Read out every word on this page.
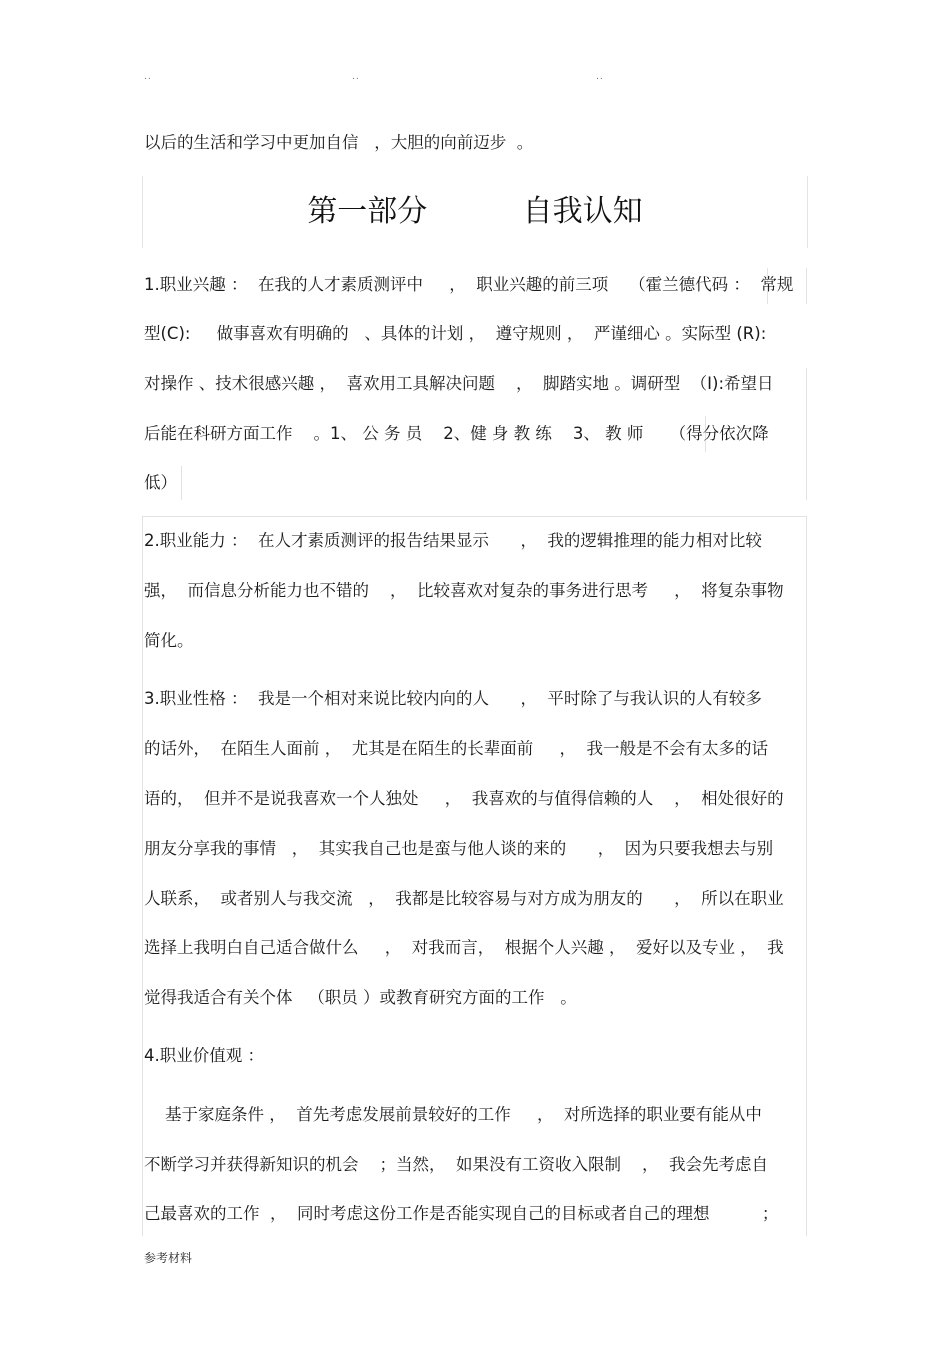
..	..	..
以后的生活和学习中更加自信   ，大胆的向前迈步  。
第一部分          自我认知
1.职业兴趣 ：  在我的人才素质测评中     ，  职业兴趣的前三项    （霍兰德代码 ：  常规
型(C):     做事喜欢有明确的   、具体的计划 ，  遵守规则 ，  严谨细心 。实际型 (R):
对操作 、技术很感兴趣 ，  喜欢用工具解决问题    ，  脚踏实地 。调研型  （I):希望日
后能在科研方面工作    。1、 公 务 员    2、健 身 教 练    3、 教 师     （得分依次降
低）
2.职业能力 ：  在人才素质测评的报告结果显示      ，  我的逻辑推理的能力相对比较
强，  而信息分析能力也不错的    ，  比较喜欢对复杂的事务进行思考     ，  将复杂事物
简化。
3.职业性格 ：  我是一个相对来说比较内向的人      ，  平时除了与我认识的人有较多
的话外，  在陌生人面前 ，  尤其是在陌生的长辈面前     ，  我一般是不会有太多的话
语的，  但并不是说我喜欢一个人独处     ，  我喜欢的与值得信赖的人    ，  相处很好的
朋友分享我的事情   ，  其实我自己也是蛮与他人谈的来的      ，  因为只要我想去与别
人联系，  或者别人与我交流   ，  我都是比较容易与对方成为朋友的      ，  所以在职业
选择上我明白自己适合做什么     ，  对我而言，  根据个人兴趣 ，  爱好以及专业 ，  我
觉得我适合有关个体   （职员 ）或教育研究方面的工作   。
4.职业价值观 ：
基于家庭条件 ，  首先考虑发展前景较好的工作     ，  对所选择的职业要有能从中
不断学习并获得新知识的机会    ；当然，  如果没有工资收入限制    ，  我会先考虑自
己最喜欢的工作  ，  同时考虑这份工作是否能实现自己的目标或者自己的理想          ；
参考材料
